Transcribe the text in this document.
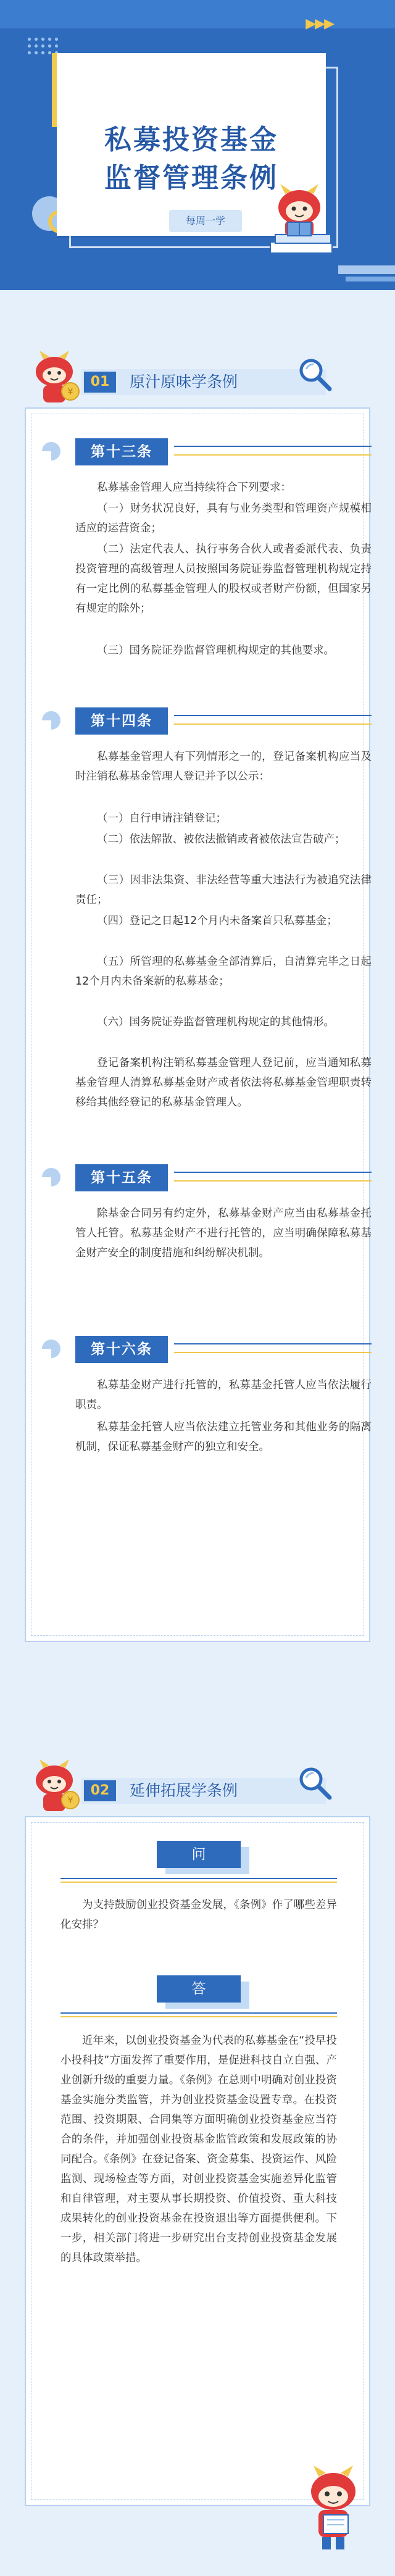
▶▶▶
私募投资基金
监督管理条例
每周一学
¥
01	原汁原味学条例
第十三条
私募基金管理人应当持续符合下列要求：
（一）财务状况良好，具有与业务类型和管理资产规模相适应的运营资金；
（二）法定代表人、执行事务合伙人或者委派代表、负责投资管理的高级管理人员按照国务院证券监督管理机构规定持有一定比例的私募基金管理人的股权或者财产份额，但国家另有规定的除外；
（三）国务院证券监督管理机构规定的其他要求。
第十四条
私募基金管理人有下列情形之一的，登记备案机构应当及时注销私募基金管理人登记并予以公示：
（一）自行申请注销登记；
（二）依法解散、被依法撤销或者被依法宣告破产；
（三）因非法集资、非法经营等重大违法行为被追究法律责任；
（四）登记之日起12个月内未备案首只私募基金；
（五）所管理的私募基金全部清算后，自清算完毕之日起12个月内未备案新的私募基金；
（六）国务院证券监督管理机构规定的其他情形。
登记备案机构注销私募基金管理人登记前，应当通知私募基金管理人清算私募基金财产或者依法将私募基金管理职责转移给其他经登记的私募基金管理人。
第十五条
除基金合同另有约定外，私募基金财产应当由私募基金托管人托管。私募基金财产不进行托管的，应当明确保障私募基金财产安全的制度措施和纠纷解决机制。
第十六条
私募基金财产进行托管的，私募基金托管人应当依法履行职责。
私募基金托管人应当依法建立托管业务和其他业务的隔离机制，保证私募基金财产的独立和安全。
¥
02	延伸拓展学条例
问
为支持鼓励创业投资基金发展，《条例》作了哪些差异化安排？
答
近年来，以创业投资基金为代表的私募基金在“投早投小投科技”方面发挥了重要作用，是促进科技自立自强、产业创新升级的重要力量。《条例》在总则中明确对创业投资基金实施分类监管，并为创业投资基金设置专章。在投资范围、投资期限、合同集等方面明确创业投资基金应当符合的条件，并加强创业投资基金监管政策和发展政策的协同配合。《条例》在登记备案、资金募集、投资运作、风险监测、现场检查等方面，对创业投资基金实施差异化监管和自律管理，对主要从事长期投资、价值投资、重大科技成果转化的创业投资基金在投资退出等方面提供便利。下一步，相关部门将进一步研究出台支持创业投资基金发展的具体政策举措。
